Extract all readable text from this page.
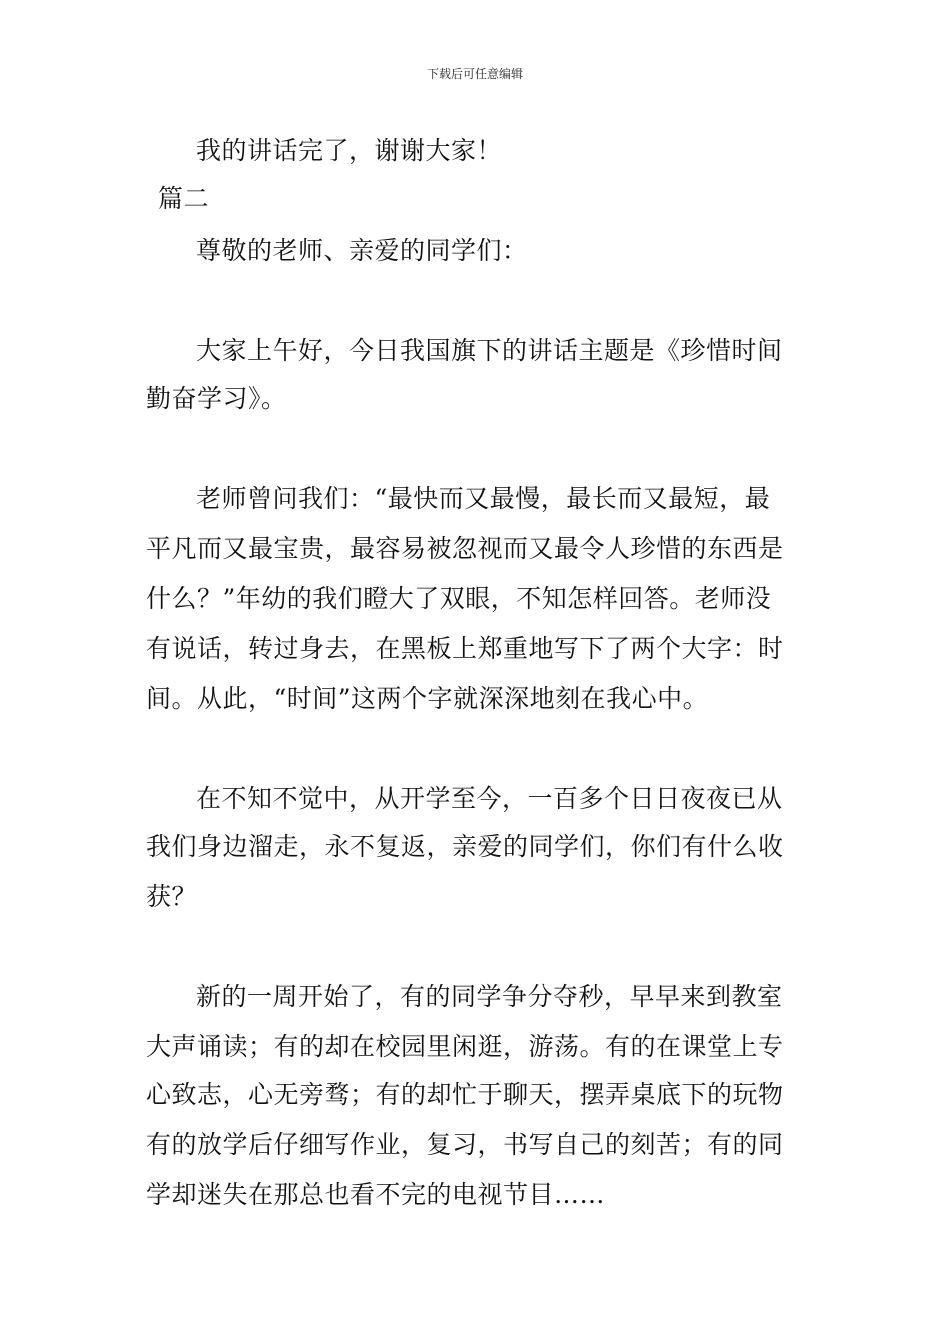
下载后可任意编辑
我的讲话完了，谢谢大家！
篇二
尊敬的老师、亲爱的同学们：
大家上午好，今日我国旗下的讲话主题是《珍惜时间
勤奋学习》。
老师曾问我们：“最快而又最慢，最长而又最短，最
平凡而又最宝贵，最容易被忽视而又最令人珍惜的东西是
什么？”年幼的我们瞪大了双眼，不知怎样回答。老师没
有说话，转过身去，在黑板上郑重地写下了两个大字：时
间。从此，“时间”这两个字就深深地刻在我心中。
在不知不觉中，从开学至今，一百多个日日夜夜已从
我们身边溜走，永不复返，亲爱的同学们，你们有什么收
获？
新的一周开始了，有的同学争分夺秒，早早来到教室
大声诵读；有的却在校园里闲逛，游荡。有的在课堂上专
心致志，心无旁骛；有的却忙于聊天，摆弄桌底下的玩物
有的放学后仔细写作业，复习，书写自己的刻苦；有的同
学却迷失在那总也看不完的电视节目……
